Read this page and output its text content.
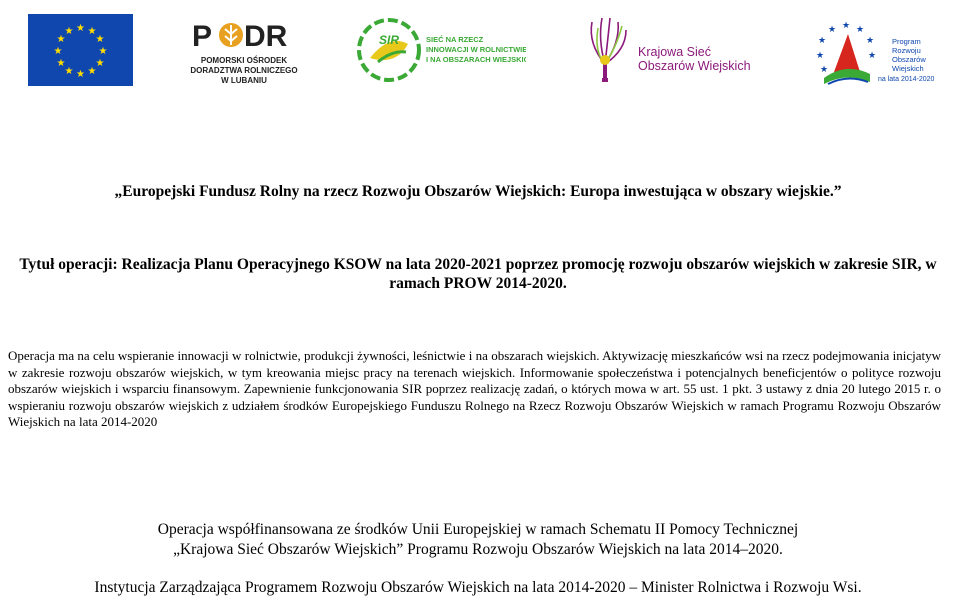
★ ★
★
★
★
★
★
★
★
★
★
★	P DR
POMORSKI OŚRODEK
DORADZTWA ROLNICZEGO
W LUBANIU
SIR	SIEĆ NA RZECZ
INNOWACJI W ROLNICTWIE
I NA OBSZARACH WIEJSKICH
Krajowa Sieć
Obszarów Wiejskich
★ ★
★
★
★
★
★
★
Program
Rozwoju
Obszarów
Wiejskich
na lata 2014-2020
„Europejski Fundusz Rolny na rzecz Rozwoju Obszarów Wiejskich: Europa inwestująca w obszary wiejskie.”
Tytuł operacji: Realizacja Planu Operacyjnego KSOW na lata 2020-2021 poprzez promocję rozwoju obszarów wiejskich w zakresie SIR, w ramach PROW 2014-2020.
Operacja ma na celu wspieranie innowacji w rolnictwie, produkcji żywności, leśnictwie i na obszarach wiejskich. Aktywizację mieszkańców wsi na rzecz podejmowania inicjatyw w zakresie rozwoju obszarów wiejskich, w tym kreowania miejsc pracy na terenach wiejskich. Informowanie społeczeństwa i potencjalnych beneficjentów o polityce rozwoju obszarów wiejskich i wsparciu finansowym. Zapewnienie funkcjonowania SIR poprzez realizację zadań, o których mowa w art. 55 ust. 1 pkt. 3 ustawy z dnia 20 lutego 2015 r. o wspieraniu rozwoju obszarów wiejskich z udziałem środków Europejskiego Funduszu Rolnego na Rzecz Rozwoju Obszarów Wiejskich w ramach Programu Rozwoju Obszarów Wiejskich na lata 2014-2020
Operacja współfinansowana ze środków Unii Europejskiej w ramach Schematu II Pomocy Technicznej „Krajowa Sieć Obszarów Wiejskich” Programu Rozwoju Obszarów Wiejskich na lata 2014–2020.
Instytucja Zarządzająca Programem Rozwoju Obszarów Wiejskich na lata 2014-2020 – Minister Rolnictwa i Rozwoju Wsi.
